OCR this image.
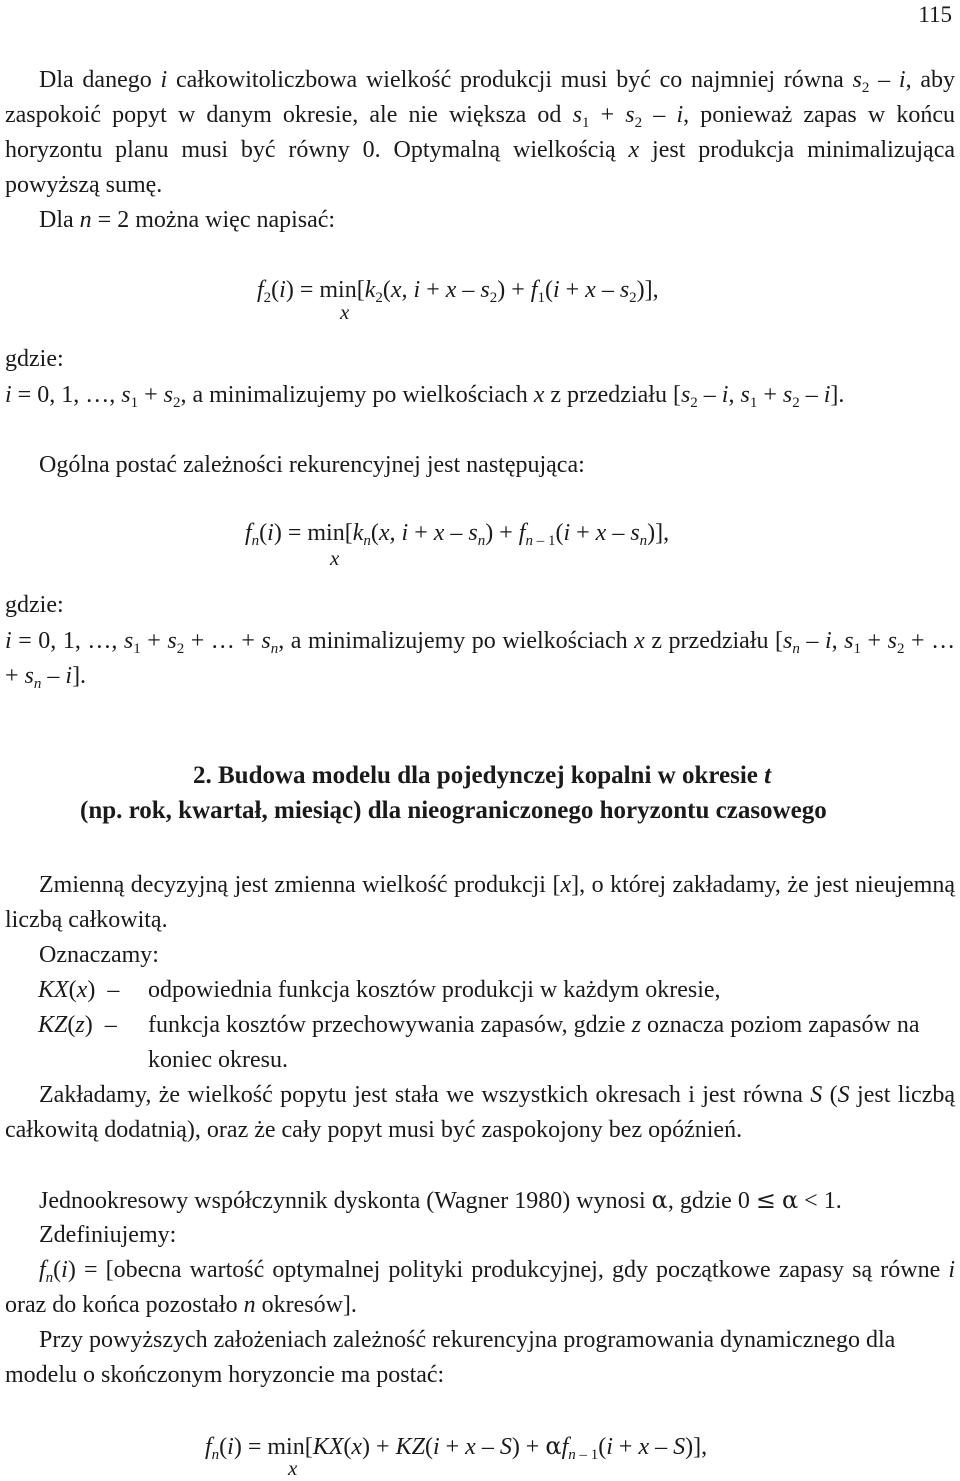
115
Dla danego i całkowitoliczbowa wielkość produkcji musi być co najmniej równa $s_2$ – i, aby zaspokoić popyt w danym okresie, ale nie większa od $s_1 + s_2 - i$, ponieważ zapas w końcu horyzontu planu musi być równy 0. Optymalną wielkością x jest produkcja minimalizująca powyższą sumę.
Dla n = 2 można więc napisać:
$f_2(i) = \min[k_2(x$, $i + x - s_2) + f_1(i + x - s_2)$],
x
gdzie:
i = 0, 1, …, $s_1 + s_2$, a minimalizujemy po wielkościach x z przedziału [$s_2$ – i, $s_1 + s_2 - i$].
Ogólna postać zależności rekurencyjnej jest następująca:
$f_n(i) = \min[k_n(x$, $i + x - s_n) + f_{n - 1}(i + x - s_n)$],
x
gdzie:
i = 0, 1, …, $s_1 + s_2$ + … + $s_n$, a minimalizujemy po wielkościach x z przedziału [$s_n$ – i, $s_1 + s_2$ + … + $s_n - i$].
2. Budowa modelu dla pojedynczej kopalni w okresie t
(np. rok, kwartał, miesiąc) dla nieograniczonego horyzontu czasowego
Zmienną decyzyjną jest zmienna wielkość produkcji [x], o której zakładamy, że jest nieujemną liczbą całkowitą.
Oznaczamy:
KX(x)  – odpowiednia funkcja kosztów produkcji w każdym okresie,
KZ(z)  – funkcja kosztów przechowywania zapasów, gdzie z oznacza poziom zapasów na koniec okresu.
Zakładamy, że wielkość popytu jest stała we wszystkich okresach i jest równa S (S jest liczbą całkowitą dodatnią), oraz że cały popyt musi być zaspokojony bez opóźnień.
Jednookresowy współczynnik dyskonta (Wagner 1980) wynosi α, gdzie 0 ≤ α < 1.
Zdefiniujemy:
$f_n(i)$ = [obecna wartość optymalnej polityki produkcyjnej, gdy początkowe zapasy są równe i oraz do końca pozostało n okresów].
Przy powyższych założeniach zależność rekurencyjna programowania dynamicznego dla modelu o skończonym horyzoncie ma postać:
$f_n(i) = \min[KX(x) + KZ(i + x - S) + \alpha f_{n - 1}(i + x - S)]$,
x
